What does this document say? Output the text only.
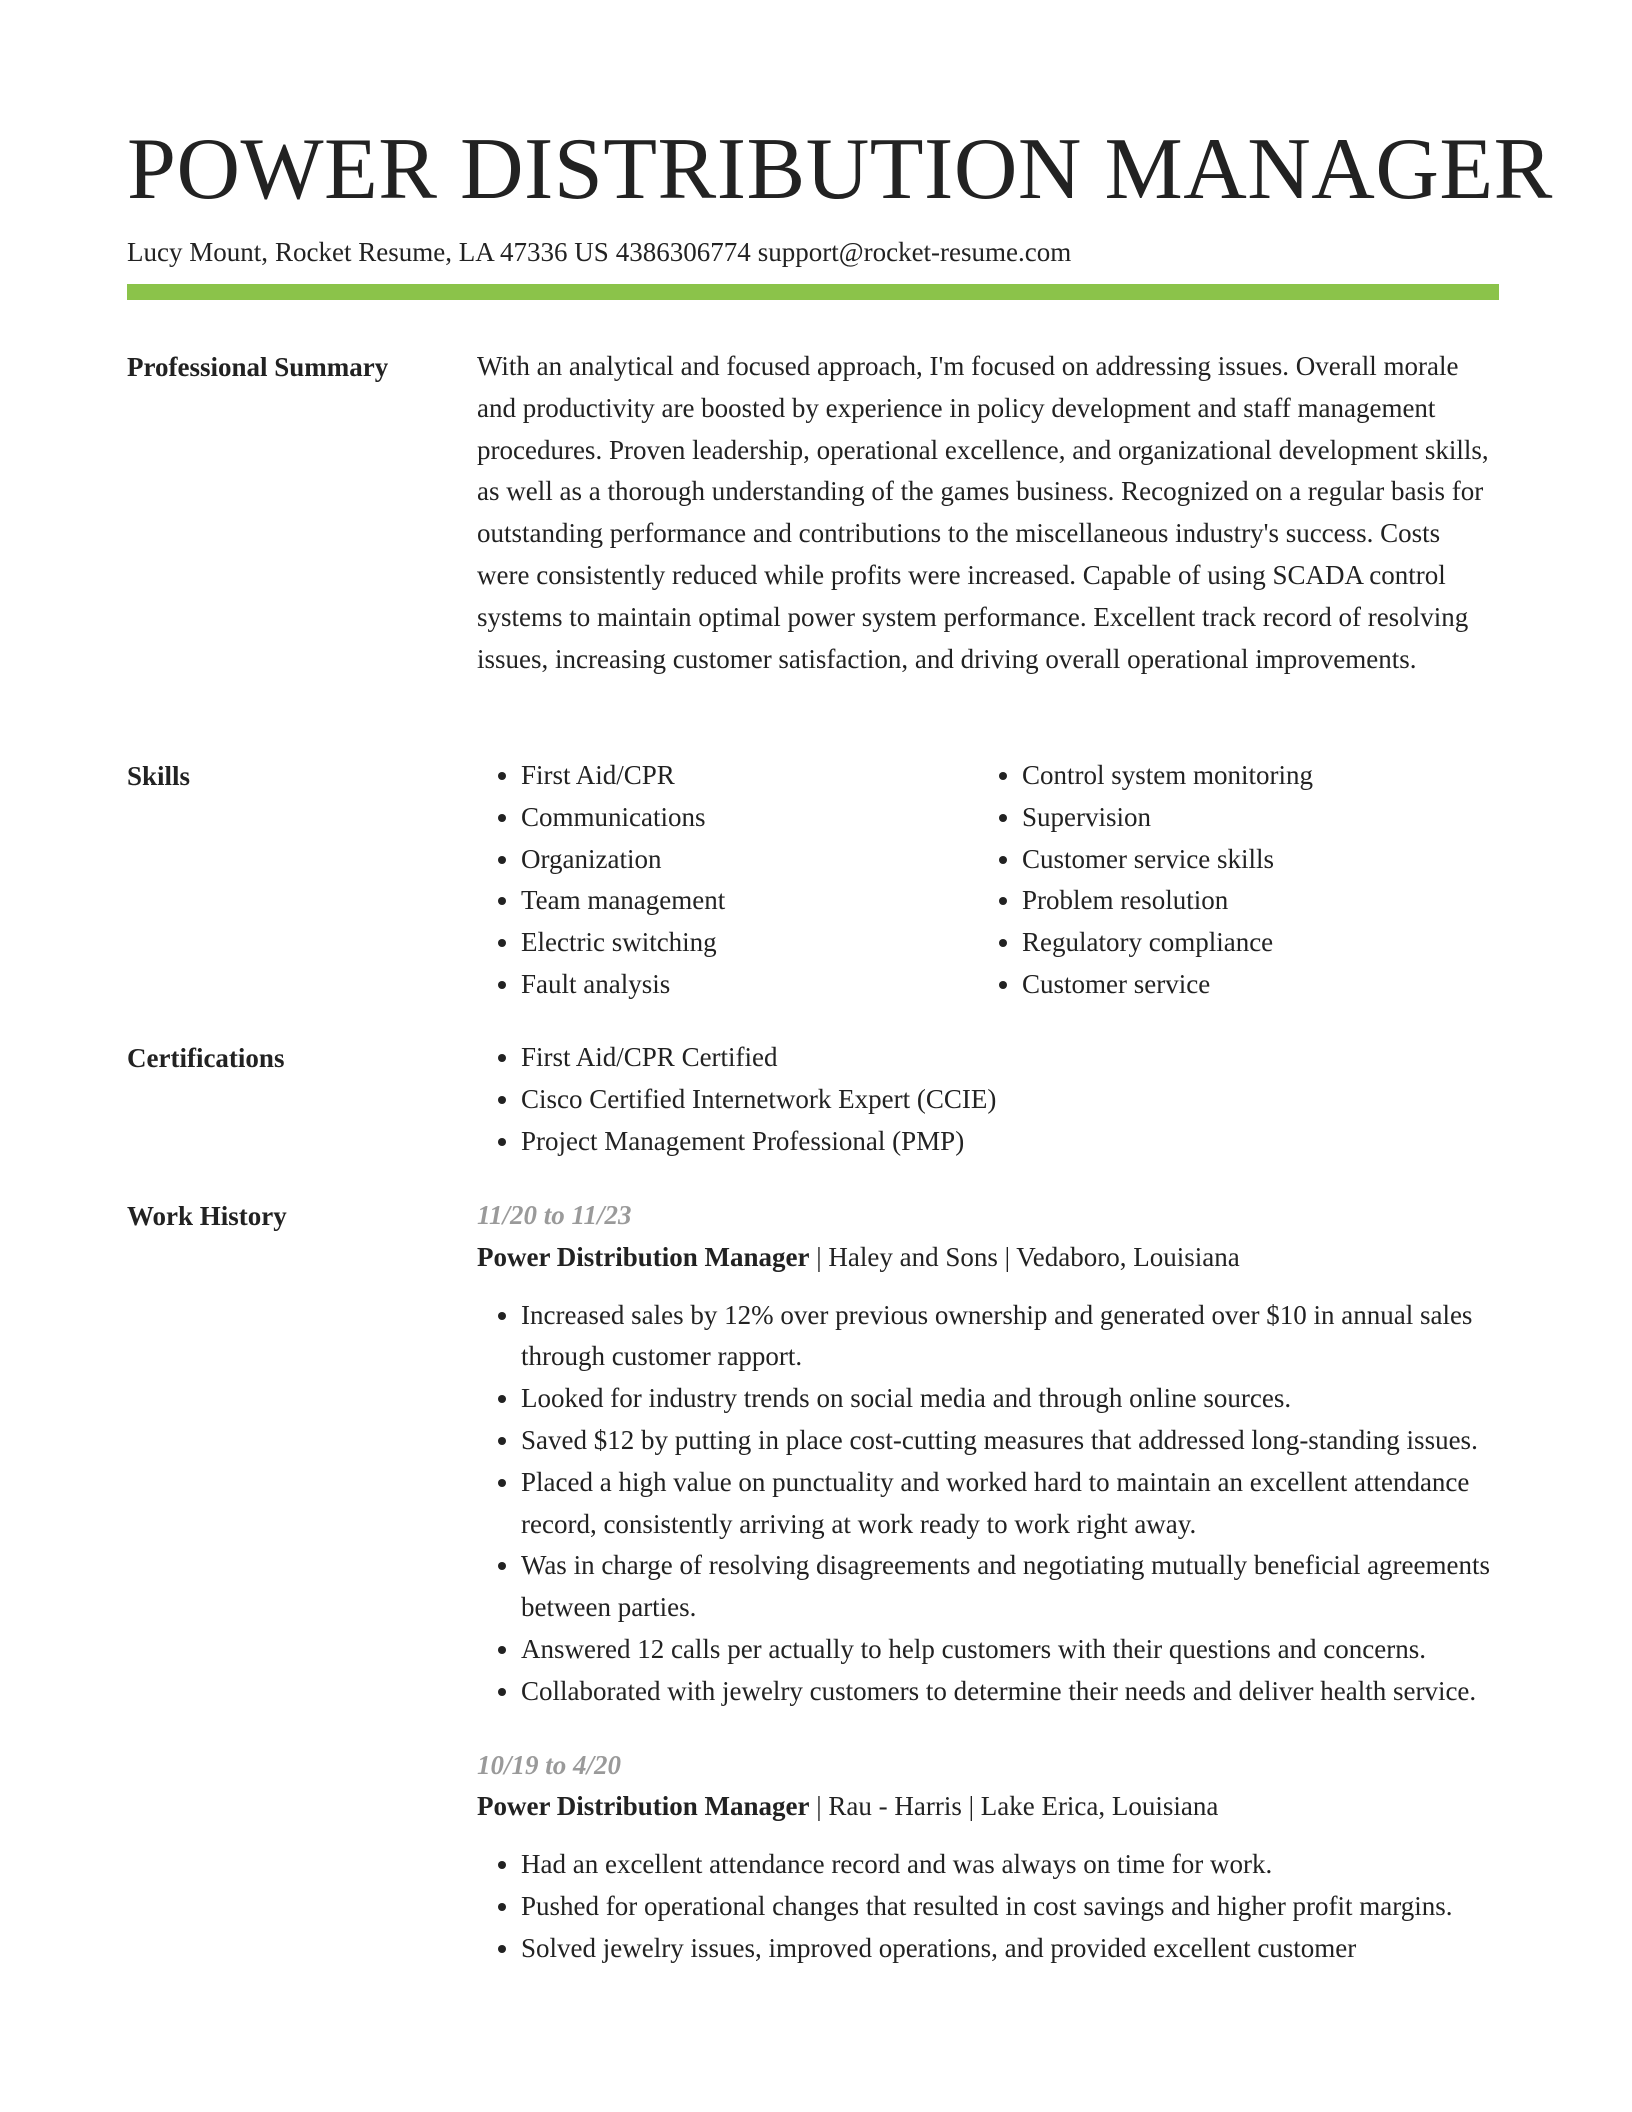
POWER DISTRIBUTION MANAGER
Lucy Mount, Rocket Resume, LA 47336 US 4386306774 support@rocket-resume.com
Professional Summary	With an analytical and focused approach, I'm focused on addressing issues. Overall morale and productivity are boosted by experience in policy development and staff management procedures. Proven leadership, operational excellence, and organizational development skills, as well as a thorough understanding of the games business. Recognized on a regular basis for outstanding performance and contributions to the miscellaneous industry's success. Costs were consistently reduced while profits were increased. Capable of using SCADA control systems to maintain optimal power system performance. Excellent track record of resolving issues, increasing customer satisfaction, and driving overall operational improvements.
Skills	• First Aid/CPR
• Communications
• Organization
• Team management
• Electric switching
• Fault analysis
• Control system monitoring
• Supervision
• Customer service skills
• Problem resolution
• Regulatory compliance
• Customer service
Certifications	• First Aid/CPR Certified
• Cisco Certified Internetwork Expert (CCIE)
• Project Management Professional (PMP)
Work History	11/20 to 11/23
Power Distribution Manager | Haley and Sons | Vedaboro, Louisiana
• Increased sales by 12% over previous ownership and generated over $10 in annual sales through customer rapport.
• Looked for industry trends on social media and through online sources.
• Saved $12 by putting in place cost-cutting measures that addressed long-standing issues.
• Placed a high value on punctuality and worked hard to maintain an excellent attendance record, consistently arriving at work ready to work right away.
• Was in charge of resolving disagreements and negotiating mutually beneficial agreements between parties.
• Answered 12 calls per actually to help customers with their questions and concerns.
• Collaborated with jewelry customers to determine their needs and deliver health service.
10/19 to 4/20
Power Distribution Manager | Rau - Harris | Lake Erica, Louisiana
• Had an excellent attendance record and was always on time for work.
• Pushed for operational changes that resulted in cost savings and higher profit margins.
• Solved jewelry issues, improved operations, and provided excellent customer
